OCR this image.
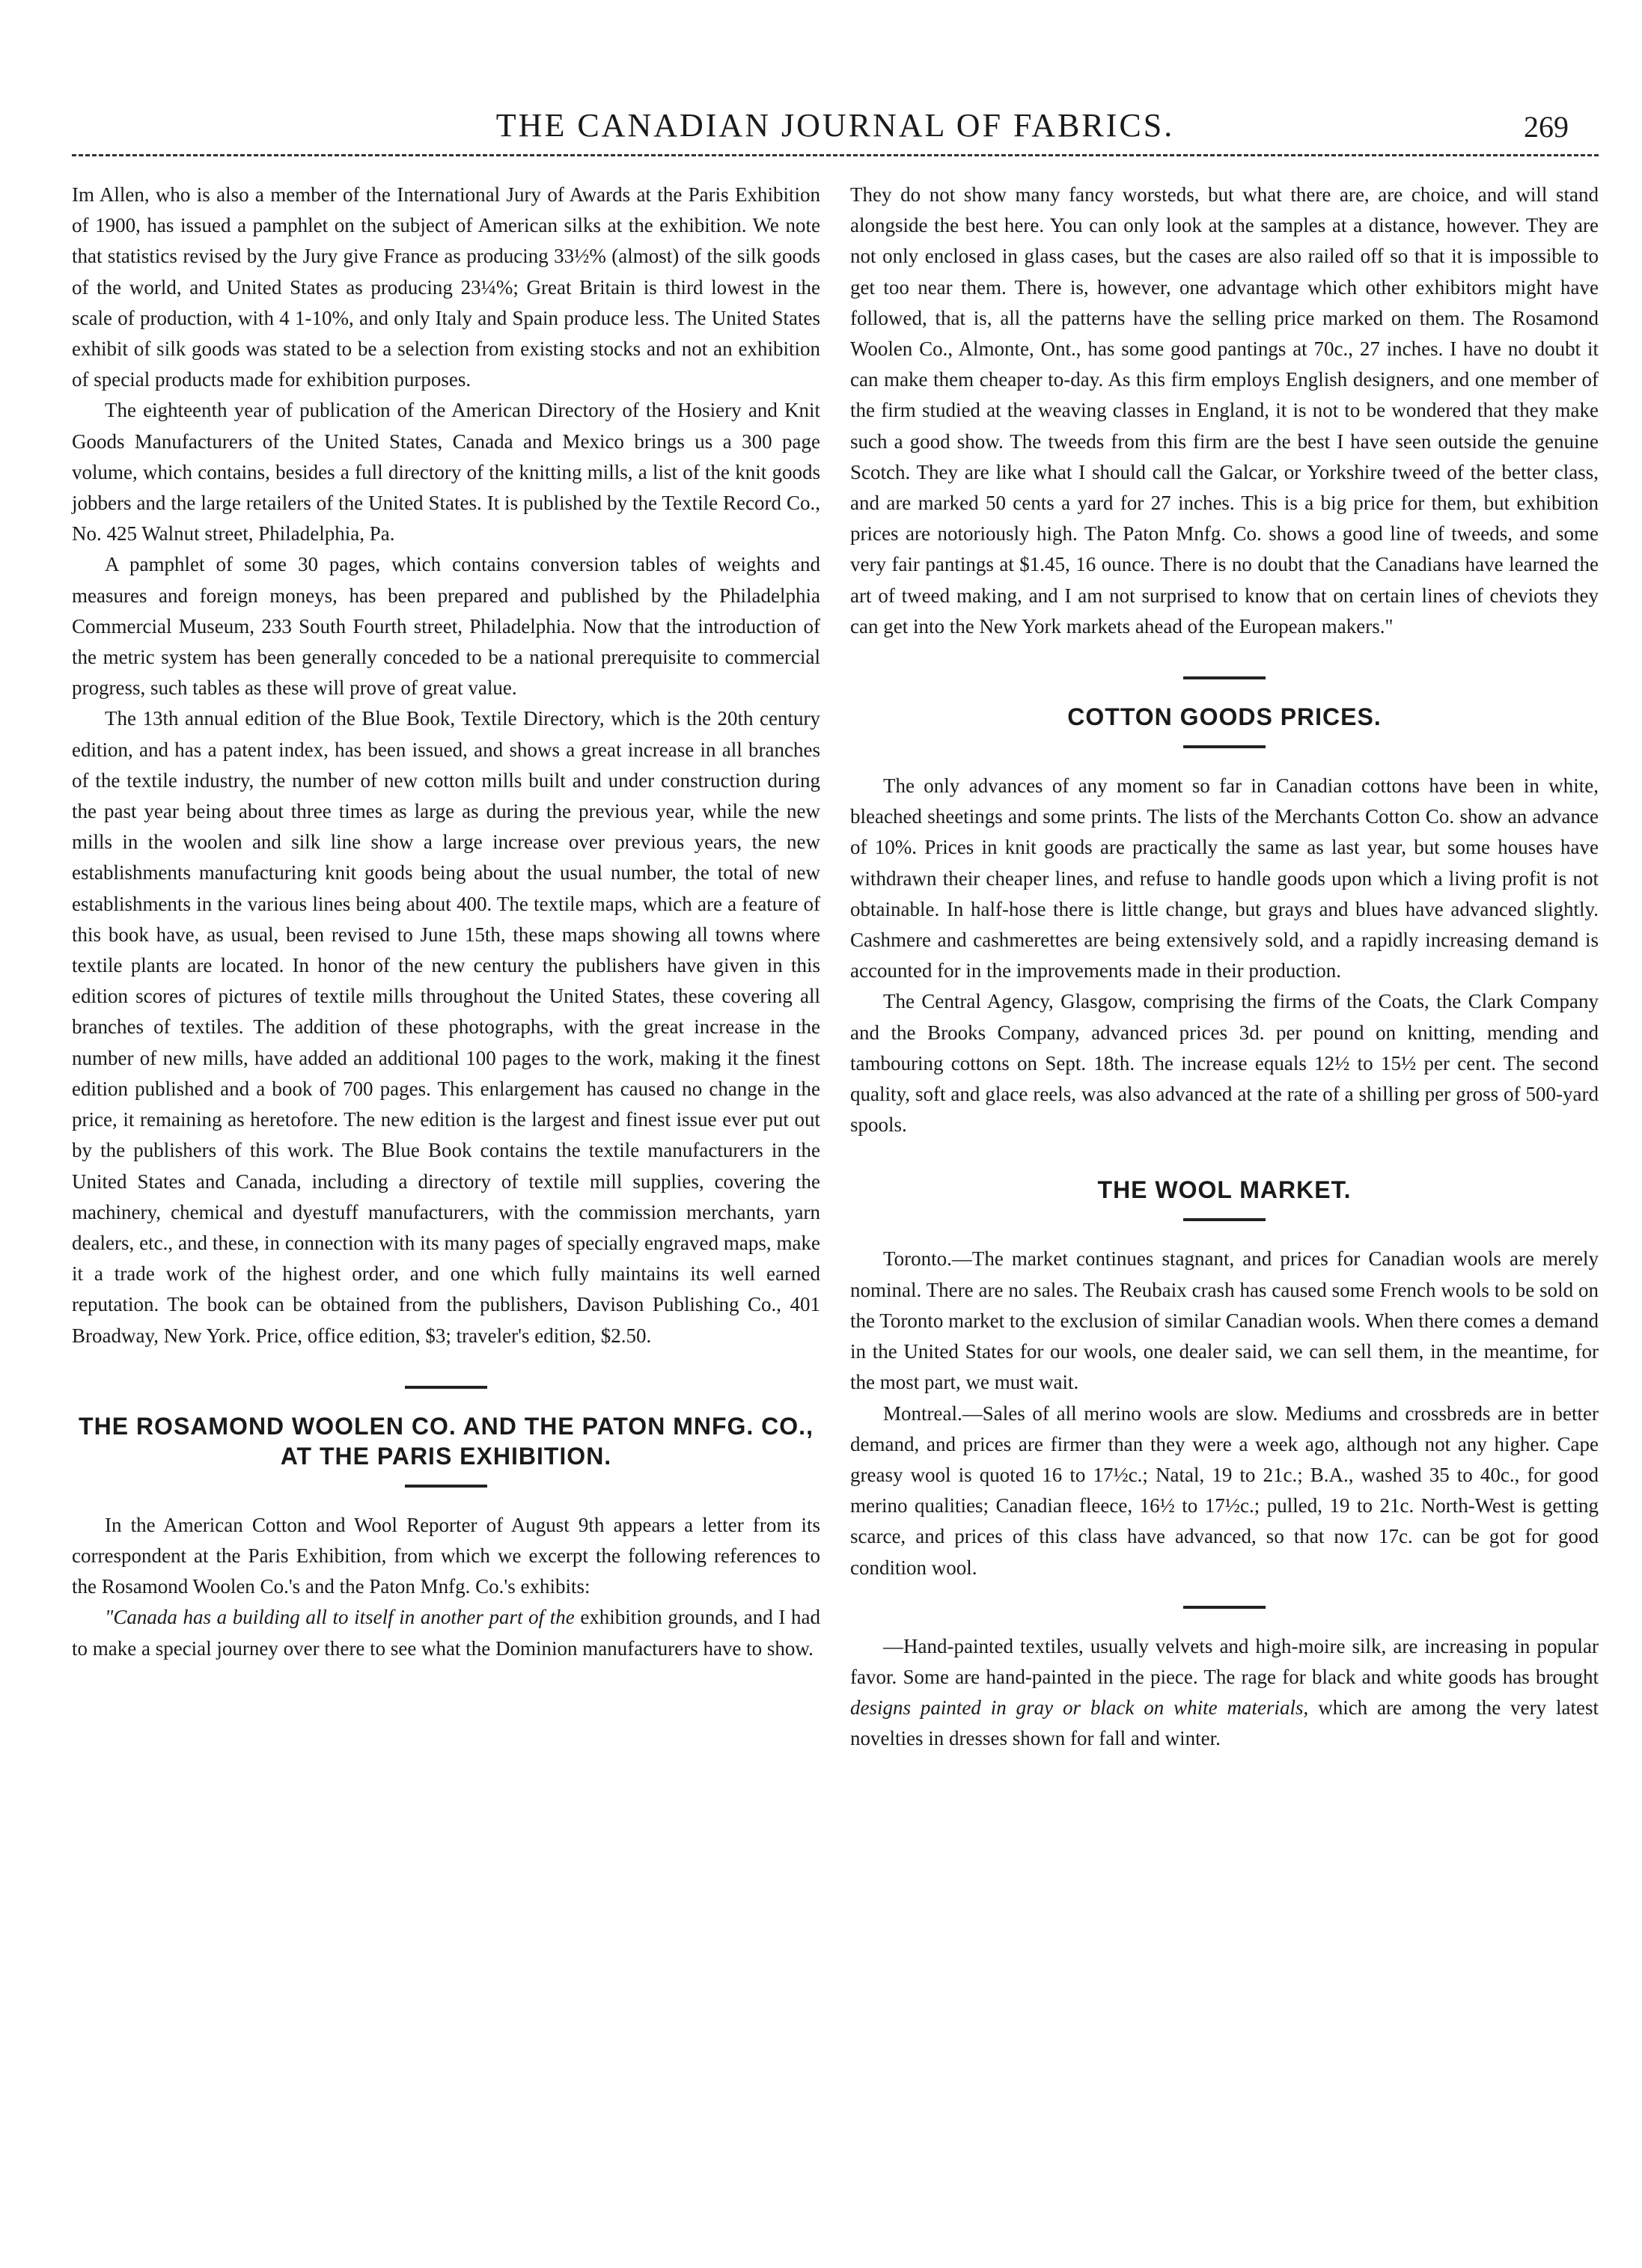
THE CANADIAN JOURNAL OF FABRICS.	269

Im Allen, who is also a member of the International Jury of Awards at the Paris Exhibition of 1900, has issued a pamphlet on the subject of American silks at the exhibition. We note that statistics revised by the Jury give France as producing 33½% (almost) of the silk goods of the world, and United States as producing 23¼%; Great Britain is third lowest in the scale of production, with 4 1-10%, and only Italy and Spain produce less. The United States exhibit of silk goods was stated to be a selection from existing stocks and not an exhibition of special products made for exhibition purposes.

The eighteenth year of publication of the American Directory of the Hosiery and Knit Goods Manufacturers of the United States, Canada and Mexico brings us a 300 page volume, which contains, besides a full directory of the knitting mills, a list of the knit goods jobbers and the large retailers of the United States. It is published by the Textile Record Co., No. 425 Walnut street, Philadelphia, Pa.

A pamphlet of some 30 pages, which contains conversion tables of weights and measures and foreign moneys, has been prepared and published by the Philadelphia Commercial Museum, 233 South Fourth street, Philadelphia. Now that the introduction of the metric system has been generally conceded to be a national prerequisite to commercial progress, such tables as these will prove of great value.

The 13th annual edition of the Blue Book, Textile Directory, which is the 20th century edition, and has a patent index, has been issued, and shows a great increase in all branches of the textile industry, the number of new cotton mills built and under construction during the past year being about three times as large as during the previous year, while the new mills in the woolen and silk line show a large increase over previous years, the new establishments manufacturing knit goods being about the usual number, the total of new establishments in the various lines being about 400. The textile maps, which are a feature of this book have, as usual, been revised to June 15th, these maps showing all towns where textile plants are located. In honor of the new century the publishers have given in this edition scores of pictures of textile mills throughout the United States, these covering all branches of textiles. The addition of these photographs, with the great increase in the number of new mills, have added an additional 100 pages to the work, making it the finest edition published and a book of 700 pages. This enlargement has caused no change in the price, it remaining as heretofore. The new edition is the largest and finest issue ever put out by the publishers of this work. The Blue Book contains the textile manufacturers in the United States and Canada, including a directory of textile mill supplies, covering the machinery, chemical and dyestuff manufacturers, with the commission merchants, yarn dealers, etc., and these, in connection with its many pages of specially engraved maps, make it a trade work of the highest order, and one which fully maintains its well earned reputation. The book can be obtained from the publishers, Davison Publishing Co., 401 Broadway, New York. Price, office edition, $3; traveler's edition, $2.50.

THE ROSAMOND WOOLEN CO. AND THE PATON MNFG. CO., AT THE PARIS EXHIBITION.

In the American Cotton and Wool Reporter of August 9th appears a letter from its correspondent at the Paris Exhibition, from which we excerpt the following references to the Rosamond Woolen Co.'s and the Paton Mnfg. Co.'s exhibits:

"Canada has a building all to itself in another part of the exhibition grounds, and I had to make a special journey over there to see what the Dominion manufacturers have to show.

They do not show many fancy worsteds, but what there are, are choice, and will stand alongside the best here. You can only look at the samples at a distance, however. They are not only enclosed in glass cases, but the cases are also railed off so that it is impossible to get too near them. There is, however, one advantage which other exhibitors might have followed, that is, all the patterns have the selling price marked on them. The Rosamond Woolen Co., Almonte, Ont., has some good pantings at 70c., 27 inches. I have no doubt it can make them cheaper to-day. As this firm employs English designers, and one member of the firm studied at the weaving classes in England, it is not to be wondered that they make such a good show. The tweeds from this firm are the best I have seen outside the genuine Scotch. They are like what I should call the Galcar, or Yorkshire tweed of the better class, and are marked 50 cents a yard for 27 inches. This is a big price for them, but exhibition prices are notoriously high. The Paton Mnfg. Co. shows a good line of tweeds, and some very fair pantings at $1.45, 16 ounce. There is no doubt that the Canadians have learned the art of tweed making, and I am not surprised to know that on certain lines of cheviots they can get into the New York markets ahead of the European makers."

COTTON GOODS PRICES.

The only advances of any moment so far in Canadian cottons have been in white, bleached sheetings and some prints. The lists of the Merchants Cotton Co. show an advance of 10%. Prices in knit goods are practically the same as last year, but some houses have withdrawn their cheaper lines, and refuse to handle goods upon which a living profit is not obtainable. In half-hose there is little change, but grays and blues have advanced slightly. Cashmere and cashmerettes are being extensively sold, and a rapidly increasing demand is accounted for in the improvements made in their production.

The Central Agency, Glasgow, comprising the firms of the Coats, the Clark Company and the Brooks Company, advanced prices 3d. per pound on knitting, mending and tambouring cottons on Sept. 18th. The increase equals 12½ to 15½ per cent. The second quality, soft and glace reels, was also advanced at the rate of a shilling per gross of 500-yard spools.

THE WOOL MARKET.

Toronto.—The market continues stagnant, and prices for Canadian wools are merely nominal. There are no sales. The Reubaix crash has caused some French wools to be sold on the Toronto market to the exclusion of similar Canadian wools. When there comes a demand in the United States for our wools, one dealer said, we can sell them, in the meantime, for the most part, we must wait.

Montreal.—Sales of all merino wools are slow. Mediums and crossbreds are in better demand, and prices are firmer than they were a week ago, although not any higher. Cape greasy wool is quoted 16 to 17½c.; Natal, 19 to 21c.; B.A., washed 35 to 40c., for good merino qualities; Canadian fleece, 16½ to 17½c.; pulled, 19 to 21c. North-West is getting scarce, and prices of this class have advanced, so that now 17c. can be got for good condition wool.

—Hand-painted textiles, usually velvets and high-moire silk, are increasing in popular favor. Some are hand-painted in the piece. The rage for black and white goods has brought designs painted in gray or black on white materials, which are among the very latest novelties in dresses shown for fall and winter.
